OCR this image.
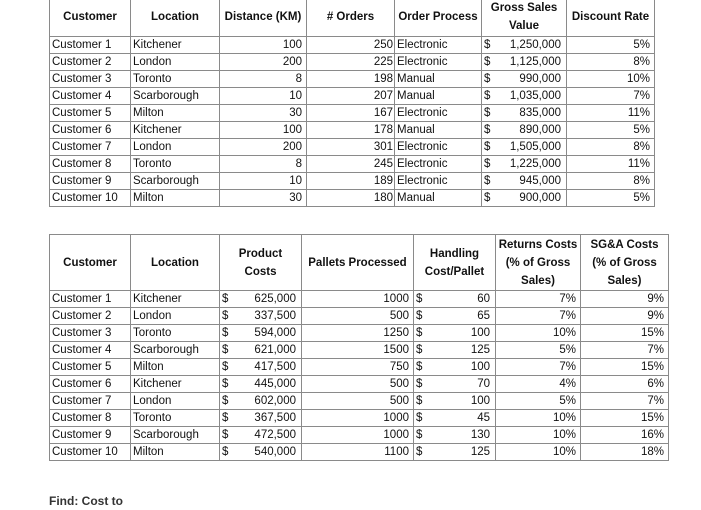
Customer	Location	Distance (KM)	# Orders	Order Process	Gross Sales Value	Discount Rate
Customer 1	Kitchener	100	250	Electronic	$ 1,250,000	5%
Customer 2	London	200	225	Electronic	$ 1,125,000	8%
Customer 3	Toronto	8	198	Manual	$ 990,000	10%
Customer 4	Scarborough	10	207	Manual	$ 1,035,000	7%
Customer 5	Milton	30	167	Electronic	$ 835,000	11%
Customer 6	Kitchener	100	178	Manual	$ 890,000	5%
Customer 7	London	200	301	Electronic	$ 1,505,000	8%
Customer 8	Toronto	8	245	Electronic	$ 1,225,000	11%
Customer 9	Scarborough	10	189	Electronic	$ 945,000	8%
Customer 10	Milton	30	180	Manual	$ 900,000	5%
Customer	Location	Product Costs	Pallets Processed	Handling Cost/Pallet	Returns Costs (% of Gross Sales)	SG&A Costs (% of Gross Sales)
Customer 1	Kitchener	$ 625,000	1000	$ 60	7%	9%
Customer 2	London	$ 337,500	500	$ 65	7%	9%
Customer 3	Toronto	$ 594,000	1250	$ 100	10%	15%
Customer 4	Scarborough	$ 621,000	1500	$ 125	5%	7%
Customer 5	Milton	$ 417,500	750	$ 100	7%	15%
Customer 6	Kitchener	$ 445,000	500	$ 70	4%	6%
Customer 7	London	$ 602,000	500	$ 100	5%	7%
Customer 8	Toronto	$ 367,500	1000	$ 45	10%	15%
Customer 9	Scarborough	$ 472,500	1000	$ 130	10%	16%
Customer 10	Milton	$ 540,000	1100	$ 125	10%	18%
Find: Cost to
